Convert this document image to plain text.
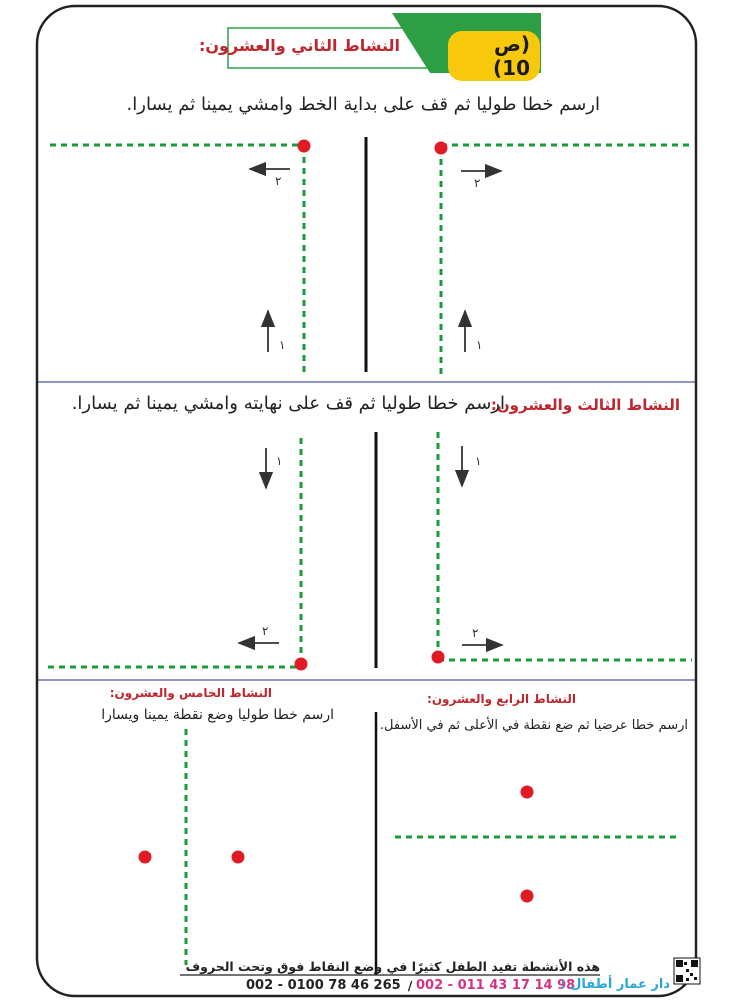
(ص 10)
النشاط الثاني والعشرون:
ارسم خطا طوليا ثم قف على بداية الخط وامشي يمينا ثم يسارا.
٢	٢
١	١
النشاط الثالث والعشرون:
ارسم خطا طوليا ثم قف على نهايته وامشي يمينا ثم يسارا.
١	١
٢	٢
النشاط الرابع والعشرون:
ارسم خطا عرضيا ثم ضع نقطة في الأعلى ثم في الأسفل.
النشاط الخامس والعشرون:
ارسم خطا طوليا وضع نقطة يمينا ويسارا
هذه الأنشطة تفيد الطفل كثيرًا في وضع النقاط فوق وتحت الحروف
002 - 0100 78 46 265 / 002 - 011 43 17 14 98
دار عمار أطفال :
